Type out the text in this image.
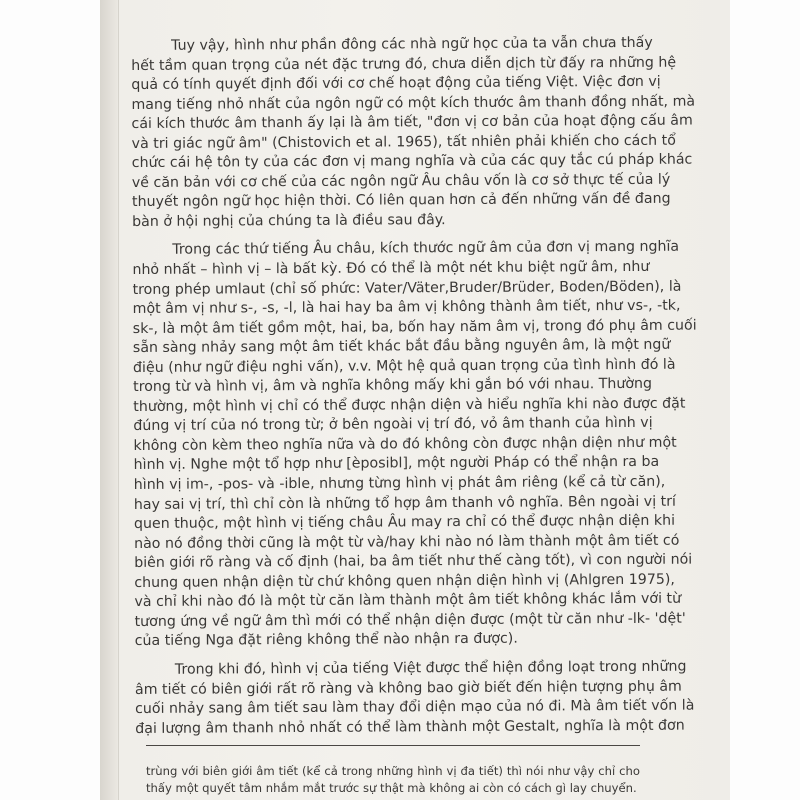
Tuy vậy, hình như phần đông các nhà ngữ học của ta vẫn chưa thấy
hết tầm quan trọng của nét đặc trưng đó, chưa diễn dịch từ đấy ra những hệ
quả có tính quyết định đối với cơ chế hoạt động của tiếng Việt. Việc đơn vị
mang tiếng nhỏ nhất của ngôn ngữ có một kích thước âm thanh đồng nhất, mà
cái kích thước âm thanh ấy lại là âm tiết, "đơn vị cơ bản của hoạt động cấu âm
và tri giác ngữ âm" (Chistovich et al. 1965), tất nhiên phải khiến cho cách tổ
chức cái hệ tôn ty của các đơn vị mang nghĩa và của các quy tắc cú pháp khác
về căn bản với cơ chế của các ngôn ngữ Âu châu vốn là cơ sở thực tế của lý
thuyết ngôn ngữ học hiện thời. Có liên quan hơn cả đến những vấn đề đang
bàn ở hội nghị của chúng ta là điều sau đây.
Trong các thứ tiếng Âu châu, kích thước ngữ âm của đơn vị mang nghĩa
nhỏ nhất – hình vị – là bất kỳ. Đó có thể là một nét khu biệt ngữ âm, như
trong phép umlaut (chỉ số phức: Vater/Väter,Bruder/Brüder, Boden/Böden), là
một âm vị như s-, -s, -l, là hai hay ba âm vị không thành âm tiết, như vs-, -tk,
sk-, là một âm tiết gồm một, hai, ba, bốn hay năm âm vị, trong đó phụ âm cuối
sẵn sàng nhảy sang một âm tiết khác bắt đầu bằng nguyên âm, là một ngữ
điệu (như ngữ điệu nghi vấn), v.v. Một hệ quả quan trọng của tình hình đó là
trong từ và hình vị, âm và nghĩa không mấy khi gắn bó với nhau. Thường
thường, một hình vị chỉ có thể được nhận diện và hiểu nghĩa khi nào được đặt
đúng vị trí của nó trong từ; ở bên ngoài vị trí đó, vỏ âm thanh của hình vị
không còn kèm theo nghĩa nữa và do đó không còn được nhận diện như một
hình vị. Nghe một tổ hợp như [èposibl], một người Pháp có thể nhận ra ba
hình vị im-, -pos- và -ible, nhưng từng hình vị phát âm riêng (kể cả từ căn),
hay sai vị trí, thì chỉ còn là những tổ hợp âm thanh vô nghĩa. Bên ngoài vị trí
quen thuộc, một hình vị tiếng châu Âu may ra chỉ có thể được nhận diện khi
nào nó đồng thời cũng là một từ và/hay khi nào nó làm thành một âm tiết có
biên giới rõ ràng và cố định (hai, ba âm tiết như thế càng tốt), vì con người nói
chung quen nhận diện từ chứ không quen nhận diện hình vị (Ahlgren 1975),
và chỉ khi nào đó là một từ căn làm thành một âm tiết không khác lắm với từ
tương ứng về ngữ âm thì mới có thể nhận diện được (một từ căn như -lk- 'dệt'
của tiếng Nga đặt riêng không thể nào nhận ra được).
Trong khi đó, hình vị của tiếng Việt được thể hiện đồng loạt trong những
âm tiết có biên giới rất rõ ràng và không bao giờ biết đến hiện tượng phụ âm
cuối nhảy sang âm tiết sau làm thay đổi diện mạo của nó đi. Mà âm tiết vốn là
đại lượng âm thanh nhỏ nhất có thể làm thành một Gestalt, nghĩa là một đơn
trùng với biên giới âm tiết (kể cả trong những hình vị đa tiết) thì nói như vậy chỉ cho
thấy một quyết tâm nhắm mắt trước sự thật mà không ai còn có cách gì lay chuyển.
